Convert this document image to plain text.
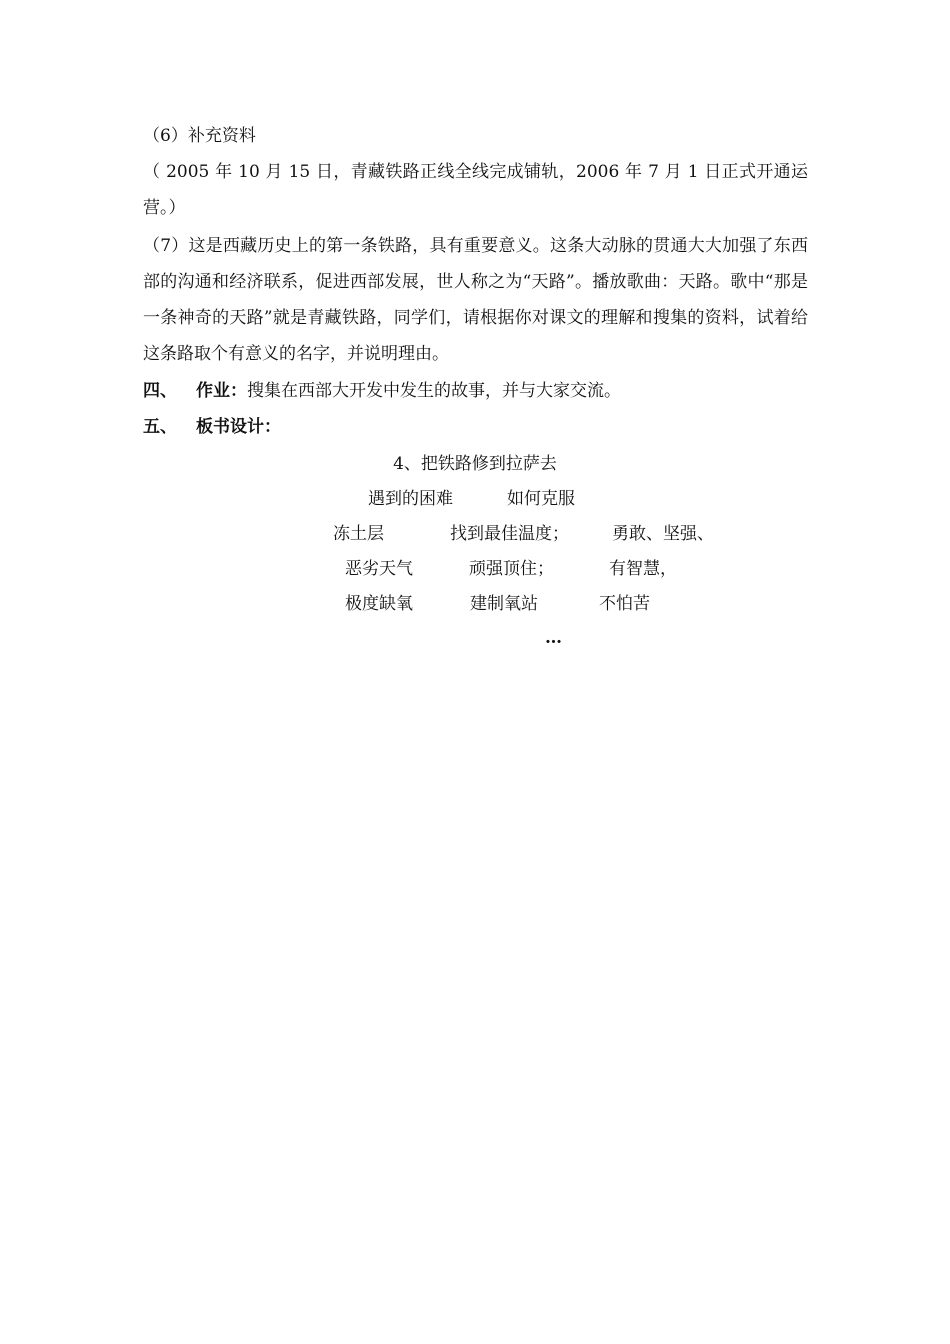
（6）补充资料

（ 2005 年 10 月 15 日，青藏铁路正线全线完成铺轨，2006 年 7 月 1 日正式开通运营。）

（7）这是西藏历史上的第一条铁路，具有重要意义。这条大动脉的贯通大大加强了东西部的沟通和经济联系，促进西部发展，世人称之为“天路”。播放歌曲：天路。歌中“那是一条神奇的天路”就是青藏铁路，同学们，请根据你对课文的理解和搜集的资料，试着给这条路取个有意义的名字，并说明理由。

四、 作业：搜集在西部大开发中发生的故事，并与大家交流。

五、 板书设计：

4、把铁路修到拉萨去
遇到的困难	如何克服
冻土层	找到最佳温度；	勇敢、坚强、
恶劣天气	顽强顶住；	有智慧，
极度缺氧	建制氧站	不怕苦
…
